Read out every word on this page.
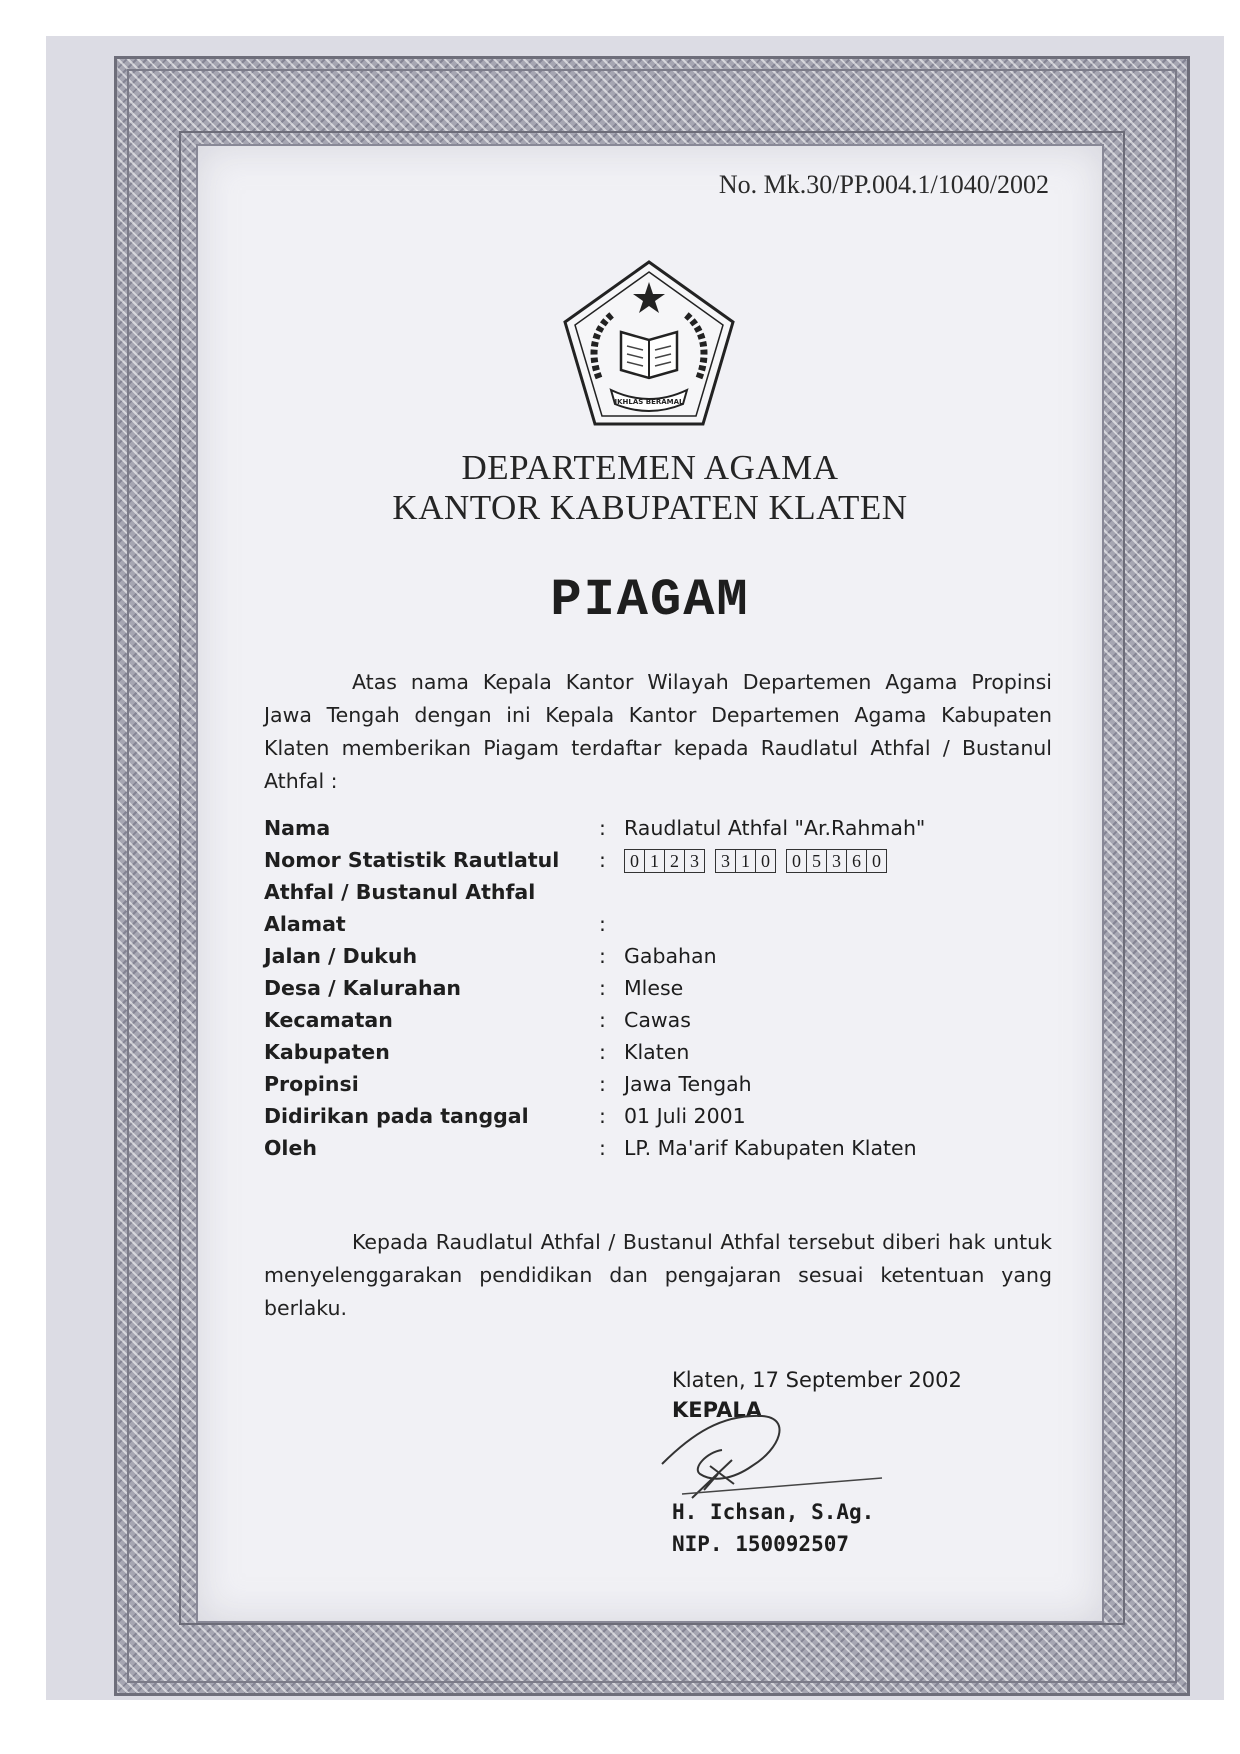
No. Mk.30/PP.004.1/1040/2002
IKHLAS BERAMAL
DEPARTEMEN AGAMA
KANTOR KABUPATEN KLATEN
PIAGAM
Atas nama Kepala Kantor Wilayah Departemen Agama Propinsi Jawa Tengah dengan ini Kepala Kantor Departemen Agama Kabupaten Klaten memberikan Piagam terdaftar kepada Raudlatul Athfal / Bustanul Athfal :
Nama	: Raudlatul Athfal "Ar.Rahmah"
Nomor Statistik Rautlatul : 0 1 2 3 3 1 0 0 5 3 6 0
Athfal / Bustanul Athfal
Alamat	:
Jalan / Dukuh	: Gabahan
Desa / Kalurahan	: Mlese
Kecamatan	: Cawas
Kabupaten	: Klaten
Propinsi	: Jawa Tengah
Didirikan pada tanggal	: 01 Juli 2001
Oleh	: LP. Ma'arif Kabupaten Klaten
Kepada Raudlatul Athfal / Bustanul Athfal tersebut diberi hak untuk menyelenggarakan pendidikan dan pengajaran sesuai ketentuan yang berlaku.
Klaten, 17 September 2002
KEPALA
H. Ichsan, S.Ag.
NIP. 150092507
